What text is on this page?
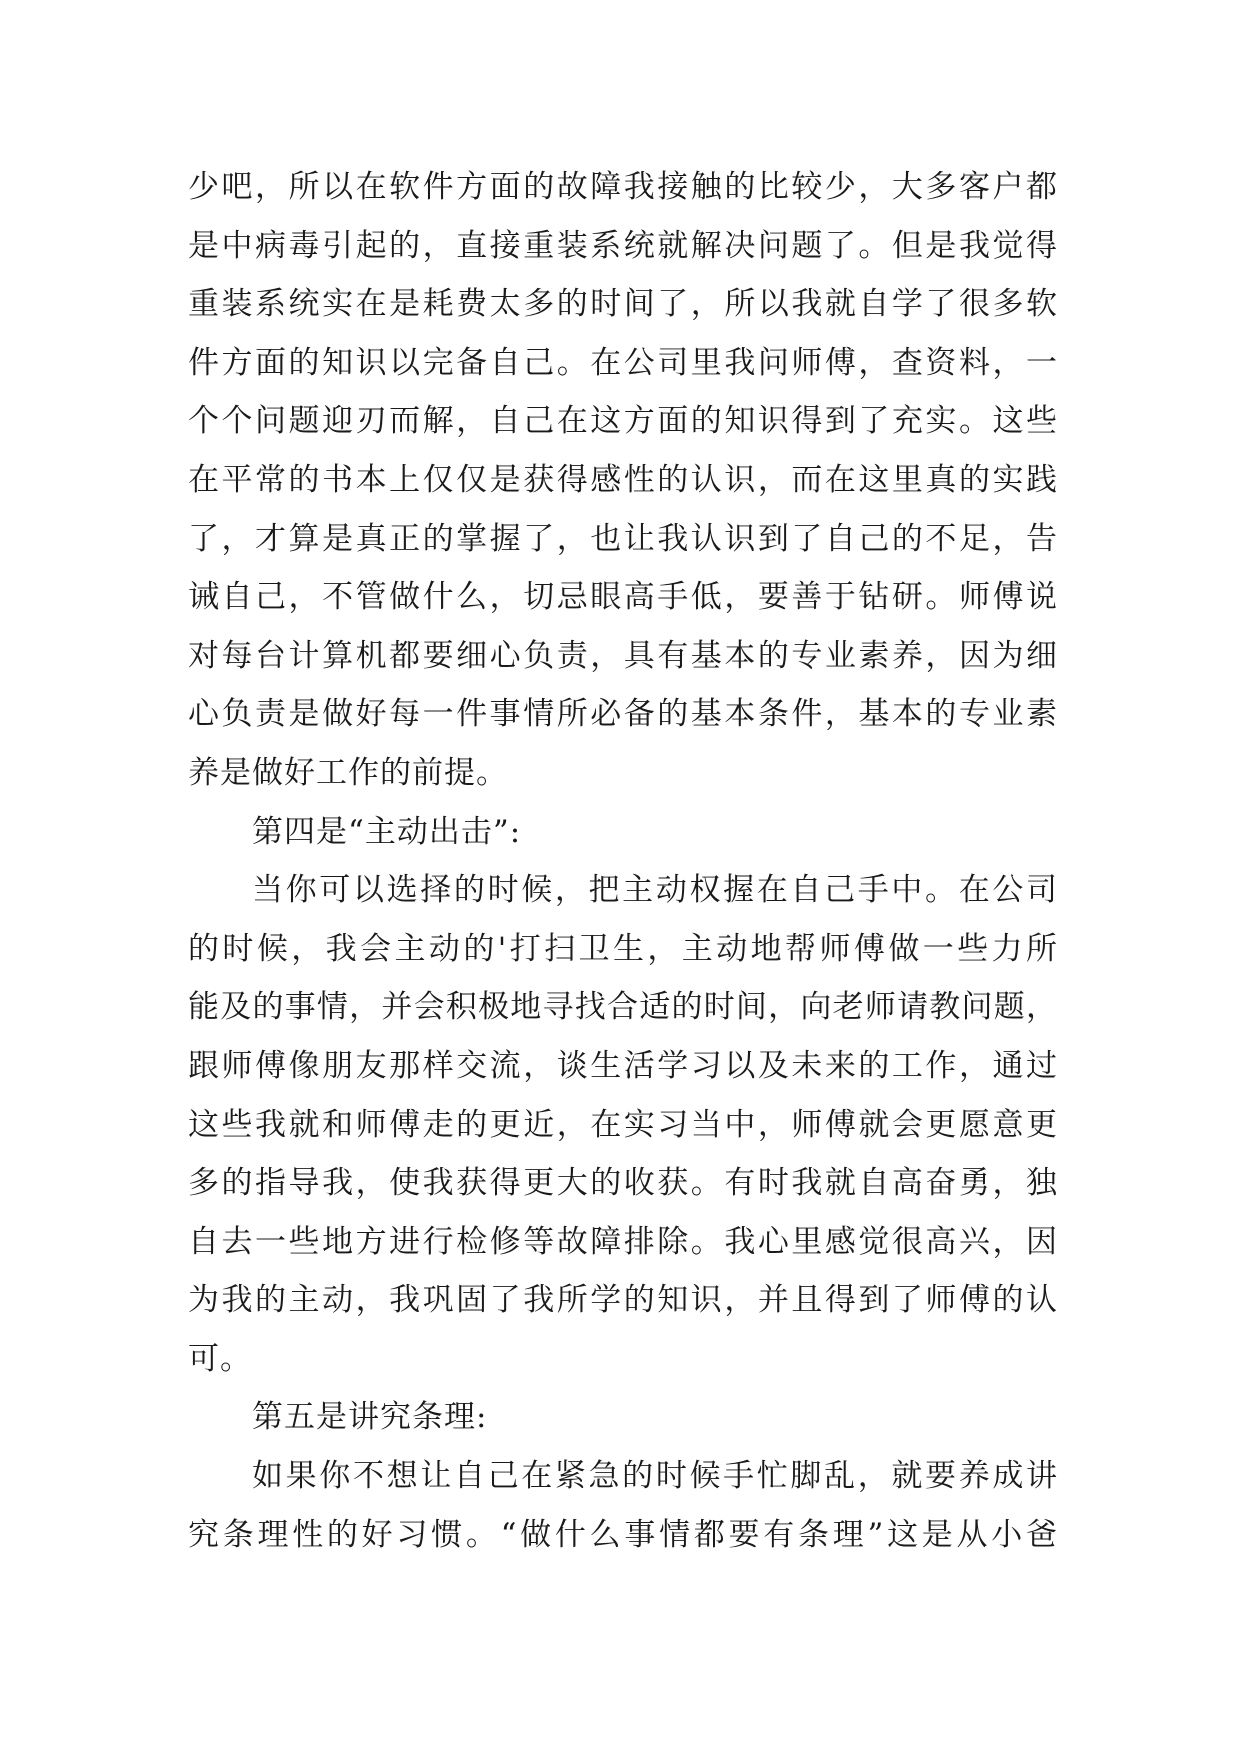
少吧，所以在软件方面的故障我接触的比较少，大多客户都
是中病毒引起的，直接重装系统就解决问题了。但是我觉得
重装系统实在是耗费太多的时间了，所以我就自学了很多软
件方面的知识以完备自己。在公司里我问师傅，查资料，一
个个问题迎刃而解，自己在这方面的知识得到了充实。这些
在平常的书本上仅仅是获得感性的认识，而在这里真的实践
了，才算是真正的掌握了，也让我认识到了自己的不足，告
诫自己，不管做什么，切忌眼高手低，要善于钻研。师傅说
对每台计算机都要细心负责，具有基本的专业素养，因为细
心负责是做好每一件事情所必备的基本条件，基本的专业素
养是做好工作的前提。
第四是“主动出击”:
当你可以选择的时候，把主动权握在自己手中。在公司
的时候，我会主动的'打扫卫生，主动地帮师傅做一些力所
能及的事情，并会积极地寻找合适的时间，向老师请教问题，
跟师傅像朋友那样交流，谈生活学习以及未来的工作，通过
这些我就和师傅走的更近，在实习当中，师傅就会更愿意更
多的指导我，使我获得更大的收获。有时我就自高奋勇，独
自去一些地方进行检修等故障排除。我心里感觉很高兴，因
为我的主动，我巩固了我所学的知识，并且得到了师傅的认
可。
第五是讲究条理:
如果你不想让自己在紧急的时候手忙脚乱，就要养成讲
究条理性的好习惯。“做什么事情都要有条理”这是从小爸
